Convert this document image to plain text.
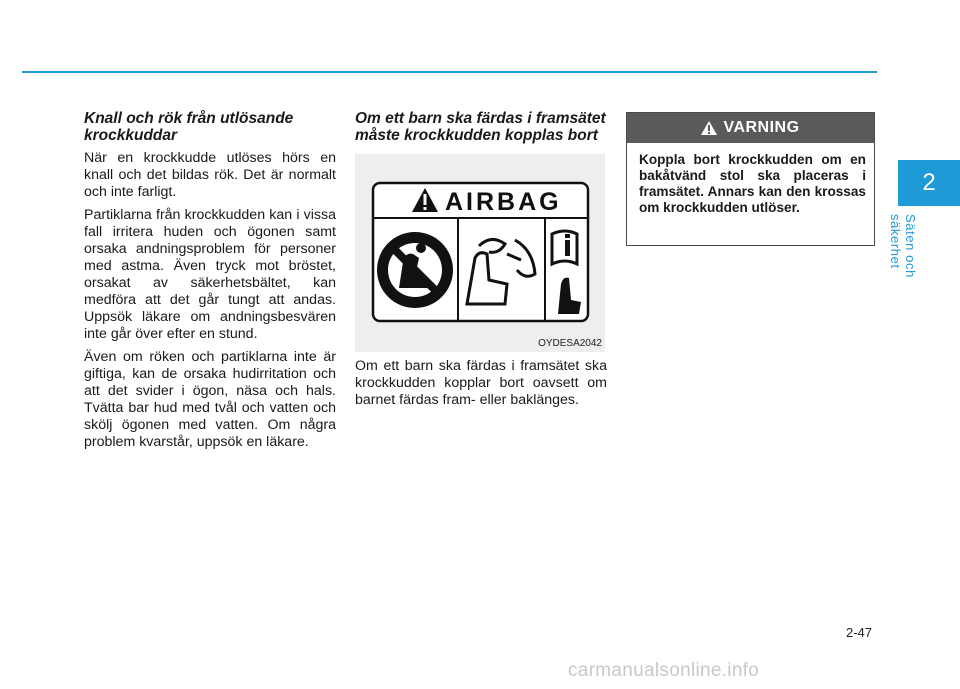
Knall och rök från utlösande krockkuddar

När en krockkudde utlöses hörs en knall och det bildas rök. Det är normalt och inte farligt.

Partiklarna från krockkudden kan i vissa fall irritera huden och ögonen samt orsaka andningsproblem för personer med astma. Även tryck mot bröstet, orsakat av säkerhetsbältet, kan medföra att det går tungt att andas. Uppsök läkare om andningsbesvären inte går över efter en stund.

Även om röken och partiklarna inte är giftiga, kan de orsaka hudirritation och att det svider i ögon, näsa och hals. Tvätta bar hud med tvål och vatten och skölj ögonen med vatten. Om några problem kvarstår, uppsök en läkare.

Om ett barn ska färdas i framsätet måste krockkudden kopplas bort
AIRBAG
OYDESA2042

Om ett barn ska färdas i framsätet ska krockkudden kopplar bort oavsett om barnet färdas fram- eller baklänges.

VARNING
Koppla bort krockkudden om en bakåtvänd stol ska placeras i framsätet. Annars kan den krossas om krockkudden utlöser.
2
Säten och säkerhet
2-47
carmanualsonline.info
